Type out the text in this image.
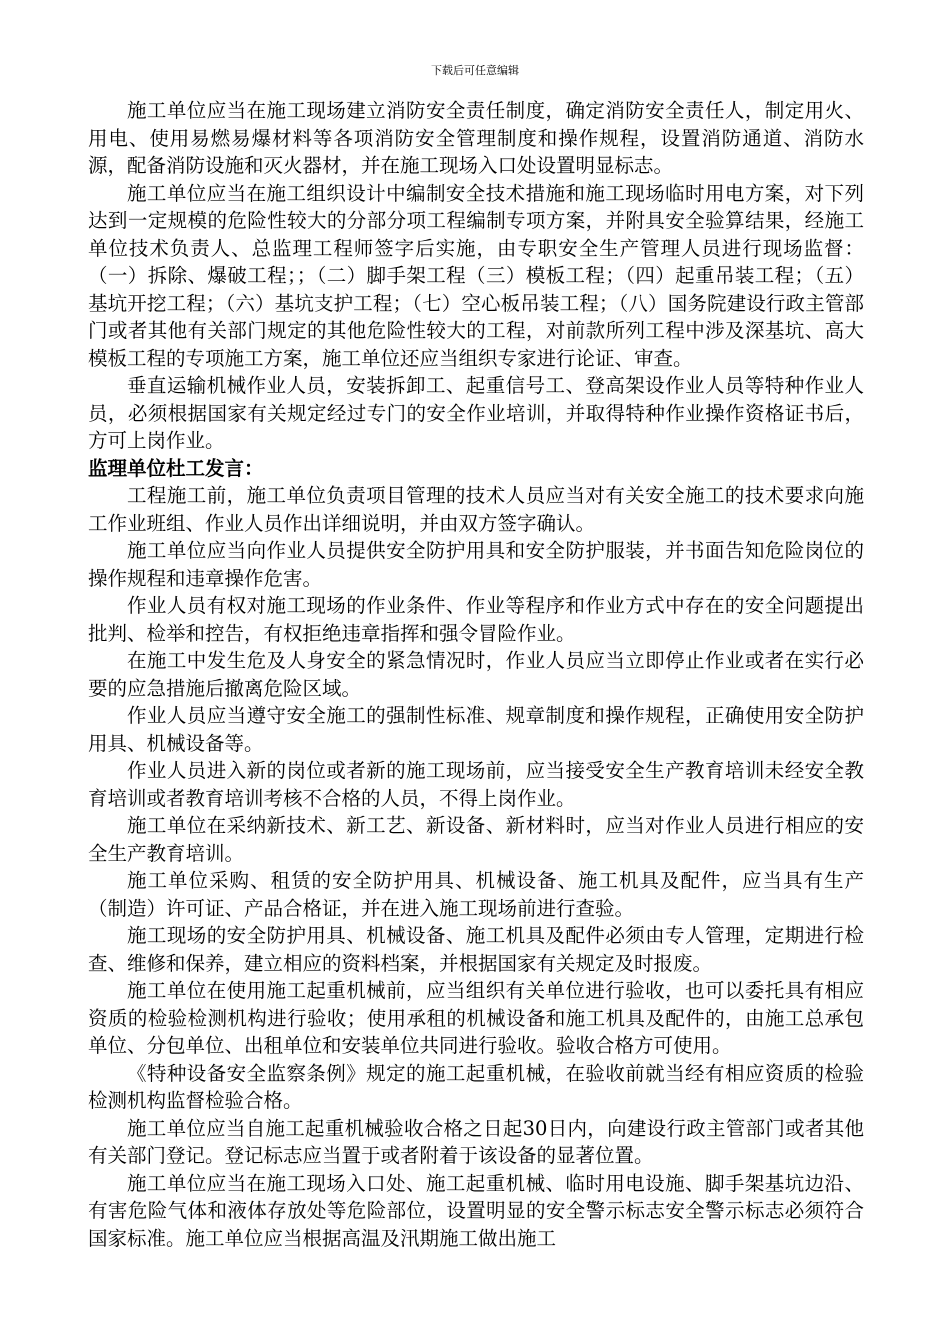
下载后可任意编辑

施工单位应当在施工现场建立消防安全责任制度，确定消防安全责任人，制定用火、用电、使用易燃易爆材料等各项消防安全管理制度和操作规程，设置消防通道、消防水源，配备消防设施和灭火器材，并在施工现场入口处设置明显标志。

施工单位应当在施工组织设计中编制安全技术措施和施工现场临时用电方案，对下列达到一定规模的危险性较大的分部分项工程编制专项方案，并附具安全验算结果，经施工单位技术负责人、总监理工程师签字后实施，由专职安全生产管理人员进行现场监督：（一）拆除、爆破工程；；（二）脚手架工程（三）模板工程；（四）起重吊装工程；（五）基坑开挖工程；（六）基坑支护工程；（七）空心板吊装工程；（八）国务院建设行政主管部门或者其他有关部门规定的其他危险性较大的工程，对前款所列工程中涉及深基坑、高大模板工程的专项施工方案，施工单位还应当组织专家进行论证、审查。

垂直运输机械作业人员，安装拆卸工、起重信号工、登高架设作业人员等特种作业人员，必须根据国家有关规定经过专门的安全作业培训，并取得特种作业操作资格证书后，方可上岗作业。

监理单位杜工发言：

工程施工前，施工单位负责项目管理的技术人员应当对有关安全施工的技术要求向施工作业班组、作业人员作出详细说明，并由双方签字确认。

施工单位应当向作业人员提供安全防护用具和安全防护服装，并书面告知危险岗位的操作规程和违章操作危害。

作业人员有权对施工现场的作业条件、作业等程序和作业方式中存在的安全问题提出批判、检举和控告，有权拒绝违章指挥和强令冒险作业。

在施工中发生危及人身安全的紧急情况时，作业人员应当立即停止作业或者在实行必要的应急措施后撤离危险区域。

作业人员应当遵守安全施工的强制性标准、规章制度和操作规程，正确使用安全防护用具、机械设备等。

作业人员进入新的岗位或者新的施工现场前，应当接受安全生产教育培训未经安全教育培训或者教育培训考核不合格的人员，不得上岗作业。

施工单位在采纳新技术、新工艺、新设备、新材料时，应当对作业人员进行相应的安全生产教育培训。

施工单位采购、租赁的安全防护用具、机械设备、施工机具及配件，应当具有生产（制造）许可证、产品合格证，并在进入施工现场前进行查验。

施工现场的安全防护用具、机械设备、施工机具及配件必须由专人管理，定期进行检查、维修和保养，建立相应的资料档案，并根据国家有关规定及时报废。

施工单位在使用施工起重机械前，应当组织有关单位进行验收，也可以委托具有相应资质的检验检测机构进行验收；使用承租的机械设备和施工机具及配件的，由施工总承包单位、分包单位、出租单位和安装单位共同进行验收。验收合格方可使用。

《特种设备安全监察条例》规定的施工起重机械，在验收前就当经有相应资质的检验检测机构监督检验合格。

施工单位应当自施工起重机械验收合格之日起30日内，向建设行政主管部门或者其他有关部门登记。登记标志应当置于或者附着于该设备的显著位置。

施工单位应当在施工现场入口处、施工起重机械、临时用电设施、脚手架基坑边沿、有害危险气体和液体存放处等危险部位，设置明显的安全警示标志安全警示标志必须符合国家标准。施工单位应当根据高温及汛期施工做出施工
